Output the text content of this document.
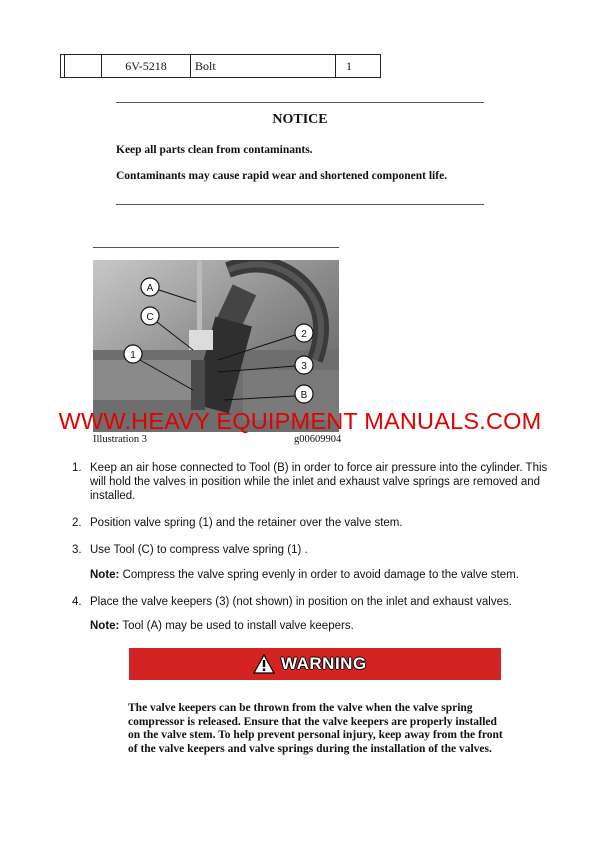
		6V-5218	Bolt	1
NOTICE
Keep all parts clean from contaminants.
Contaminants may cause rapid wear and shortened component life.
A
C
1
2
3
B
WWW.HEAVY EQUIPMENT MANUALS.COM
Illustration 3	g00609904
1. Keep an air hose connected to Tool (B) in order to force air pressure into the cylinder. This will hold the valves in position while the inlet and exhaust valve springs are removed and installed.
2. Position valve spring (1) and the retainer over the valve stem.
3. Use Tool (C) to compress valve spring (1) .
Note: Compress the valve spring evenly in order to avoid damage to the valve stem.
4. Place the valve keepers (3) (not shown) in position on the inlet and exhaust valves.
Note: Tool (A) may be used to install valve keepers.
WARNING
The valve keepers can be thrown from the valve when the valve spring compressor is released. Ensure that the valve keepers are properly installed on the valve stem. To help prevent personal injury, keep away from the front of the valve keepers and valve springs during the installation of the valves.
